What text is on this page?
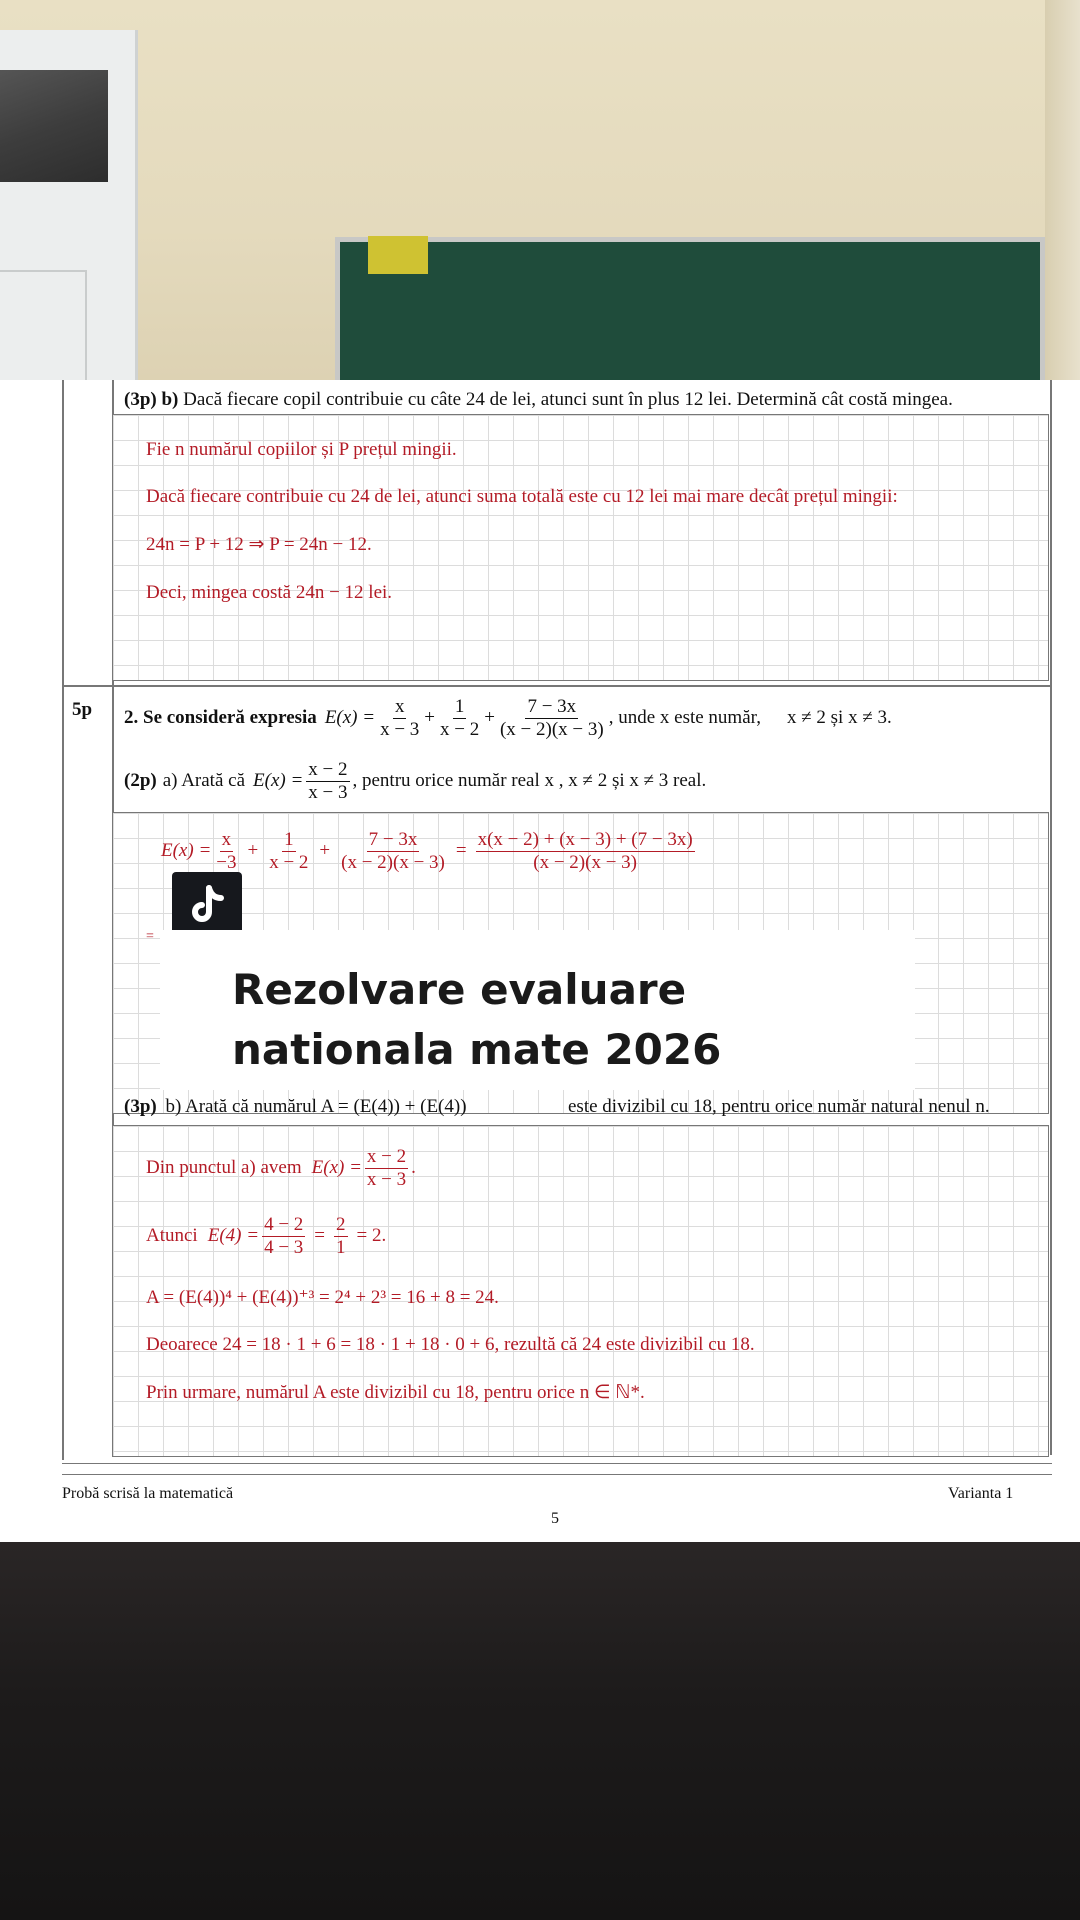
(3p) b) Dacă fiecare copil contribuie cu câte 24 de lei, atunci sunt în plus 12 lei. Determină cât costă mingea.
Fie n numărul copiilor și P prețul mingii.
Dacă fiecare contribuie cu 24 de lei, atunci suma totală este cu 12 lei mai mare decât prețul mingii:
24n = P + 12 ⇒ P = 24n − 12.
Deci, mingea costă 24n − 12 lei.
5p 2. Se consideră expresia $E(x) = \frac{x}{x - 3} + \frac{1}{x - 2} + \frac{7 - 3x}{(x - 2)(x - 3)}$ , unde x este număr, x ≠ 2 și x ≠ 3.
(2p) a) Arată că $E(x) = \frac{x - 2}{x - 3}$ , pentru orice număr real x , x ≠ 2 și x ≠ 3 real.
$E(x) = \frac{x}{-3} + \frac{1}{x - 2} + \frac{7 - 3x}{(x - 2)(x - 3)} = \frac{x(x - 2) + (x - 3) + (7 - 3x)}{(x - 2)(x - 3)}$
=
(3p) b) Arată că numărul A = (E(4)) + (E(4))	este divizibil cu 18, pentru orice număr natural nenul n.
Din punctul a) avem $E(x) = \frac{x - 2}{x - 3}$ .
Atunci $E(4) = \frac{4 - 2}{4 - 3} = \frac{2}{1} = 2$.
A = (E(4))⁴ + (E(4))⁺³ = 2⁴ + 2³ = 16 + 8 = 24.
Deoarece 24 = 18 · 1 + 6 = 18 · 1 + 18 · 0 + 6, rezultă că 24 este divizibil cu 18.
Prin urmare, numărul A este divizibil cu 18, pentru orice n ∈ ℕ*.
Probă scrisă la matematică	Varianta 1
5
Rezolvare evaluare nationala mate 2026
